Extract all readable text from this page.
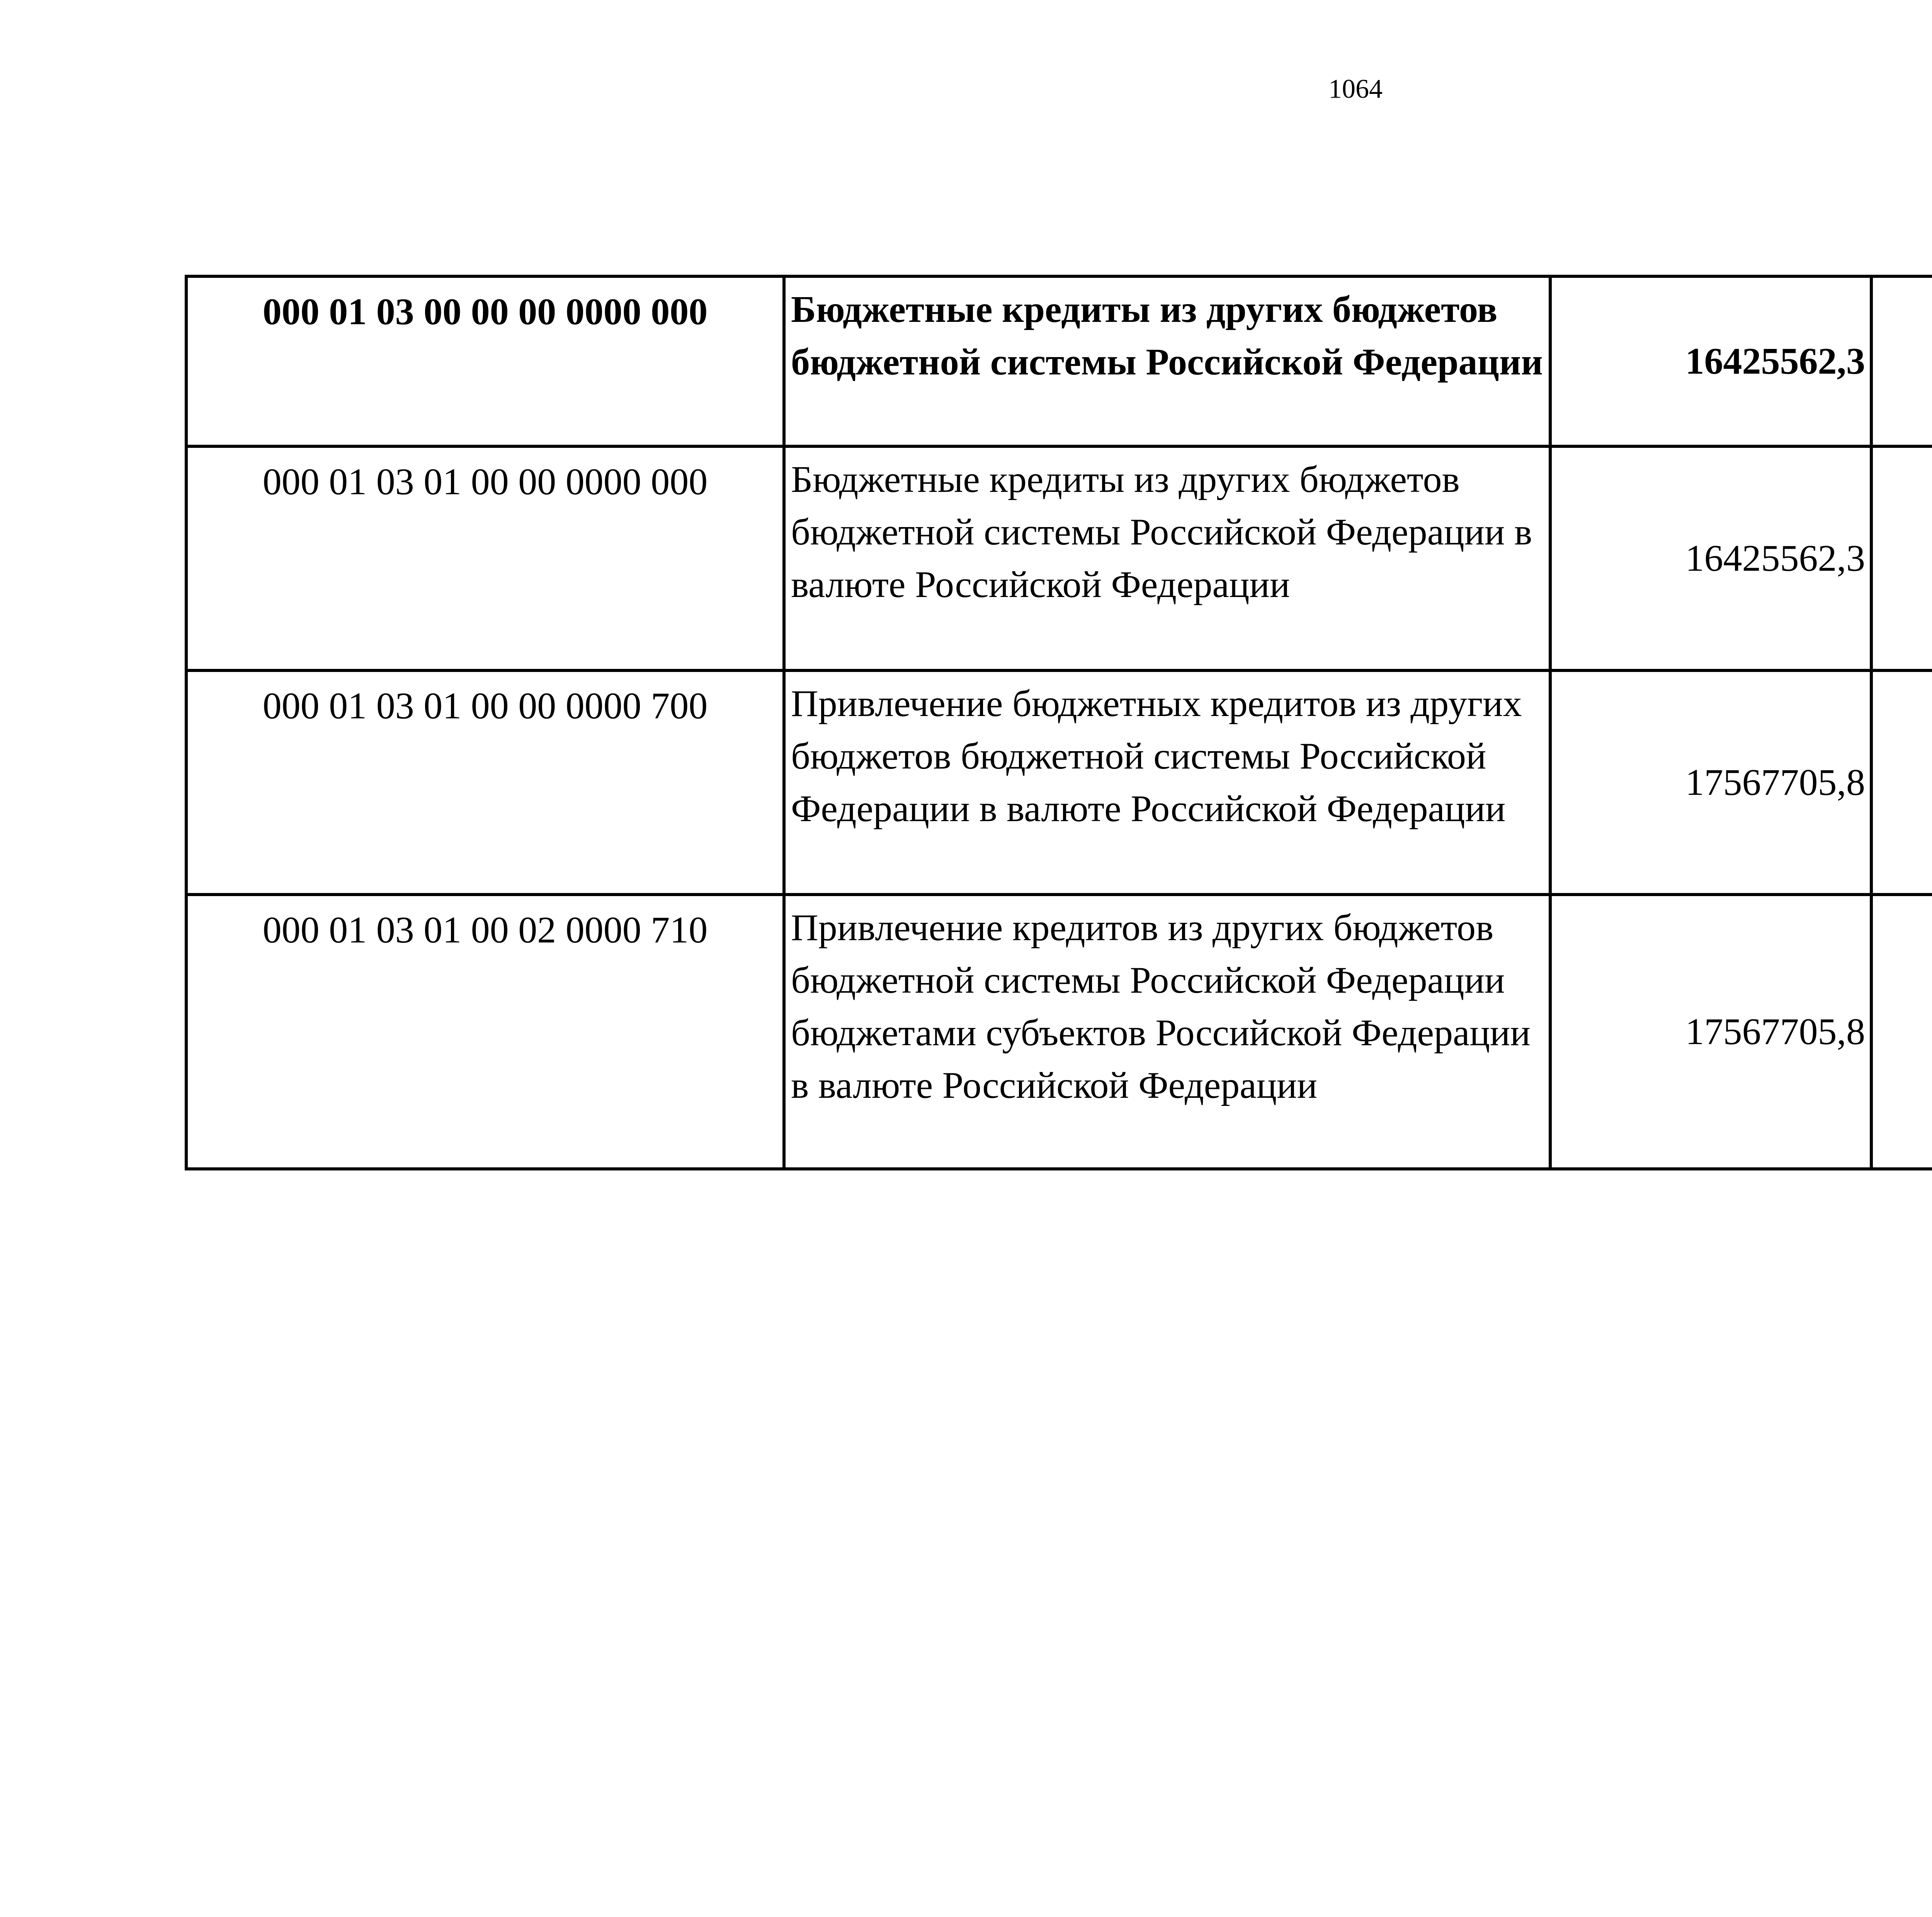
1064
000 01 03 00 00 00 0000 000	Бюджетные кредиты из других бюджетов бюджетной системы Российской Федерации	16425562,3		
000 01 03 01 00 00 0000 000	Бюджетные кредиты из других бюджетов бюджетной системы Российской Федерации в валюте Российской Федерации	16425562,3		
000 01 03 01 00 00 0000 700	Привлечение бюджетных кредитов из других бюджетов бюджетной системы Российской Федерации в валюте Российской Федерации	17567705,8		
000 01 03 01 00 02 0000 710	Привлечение кредитов из других бюджетов бюджетной системы Российской Федерации бюджетами субъектов Российской Федерации в валюте Российской Федерации	17567705,8		
